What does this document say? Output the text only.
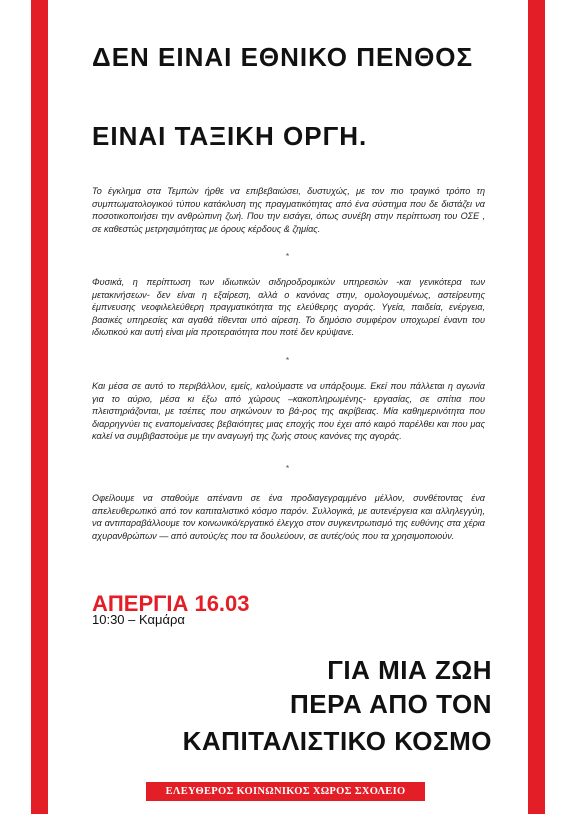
ΔΕΝ ΕΙΝΑΙ ΕΘΝΙΚΟ ΠΕΝΘΟΣ
ΕΙΝΑΙ ΤΑΞΙΚΗ ΟΡΓΗ.
Το έγκλημα στα Τεμπών ήρθε να επιβεβαιώσει, δυστυχώς, με τον πιο τραγικό τρόπο τη συμπτωματολογικού τύπου κατάκλυση της πραγματικότητας από ένα σύστημα που δε διστάζει να ποσοτικοποιήσει την ανθρώπινη ζωή. Που την εισάγει, όπως συνέβη στην περίπτωση του ΟΣΕ , σε καθεστώς μετρησιμότητας με όρους κέρδους & ζημίας.
*
Φυσικά, η περίπτωση των ιδιωτικών σιδηροδρομικών υπηρεσιών -και γενικότερα των μετακινήσεων- δεν είναι η εξαίρεση, αλλά ο κανόνας στην, ομολογουμένως, αστείρευτης έμπνευσης νεοφιλελεύθερη πραγματικότητα της ελεύθερης αγοράς. Υγεία, παιδεία, ενέργεια, βασικές υπηρεσίες και αγαθά τίθενται υπό αίρεση. Το δημόσιο συμφέρον υποχωρεί έναντι του ιδιωτικού και αυτή είναι μία προτεραιότητα που ποτέ δεν κρύψανε.
*
Και μέσα σε αυτό το περιβάλλον, εμείς, καλούμαστε να υπάρξουμε. Εκεί που πάλλεται η αγωνία για το αύριο, μέσα κι έξω από χώρους –κακοπληρωμένης- εργασίας, σε σπίτια που πλειστηριάζονται, με τσέπες που σηκώνουν το βά-ρος της ακρίβειας. Μία καθημερινότητα που διαρρηγνύει τις εναπομείνασες βεβαιότητες μιας εποχής που έχει από καιρό παρέλθει και που μας καλεί να συμβιβαστούμε με την αναγωγή της ζωής στους κανόνες της αγοράς.
*
Οφείλουμε να σταθούμε απέναντι σε ένα προδιαγεγραμμένο μέλλον, συνθέτοντας ένα απελευθερωτικό από τον καπιταλιστικό κόσμο παρόν. Συλλογικά, με αυτενέργεια και αλληλεγγύη, να αντιπαραβάλλουμε τον κοινωνικό/εργατικό έλεγχο στον συγκεντρωτισμό της ευθύνης στα χέρια αχυρανθρώπων — από αυτούς/ες που τα δουλεύουν, σε αυτές/ούς που τα χρησιμοποιούν.
ΑΠΕΡΓΙΑ 16.03
10:30 – Καμάρα
ΓΙΑ ΜΙΑ ΖΩΗ
ΠΕΡΑ ΑΠΟ ΤΟΝ
ΚΑΠΙΤΑΛΙΣΤΙΚΟ ΚΟΣΜΟ
ΕΛΕΥΘΕΡΟΣ ΚΟΙΝΩΝΙΚΟΣ ΧΩΡΟΣ ΣΧΟΛΕΙΟ
